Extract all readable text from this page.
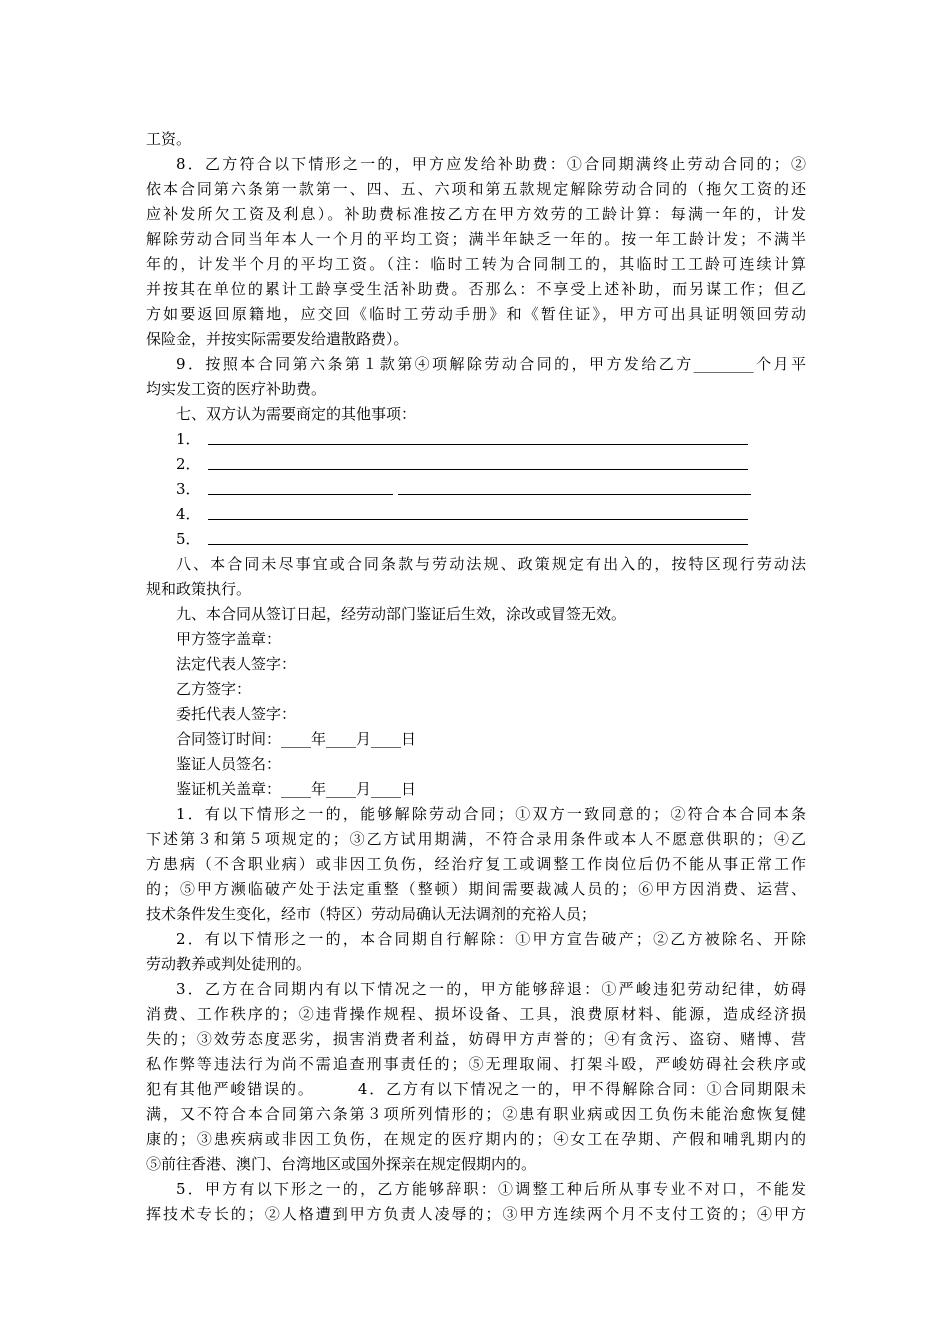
工资。
8．乙方符合以下情形之一的，甲方应发给补助费：①合同期满终止劳动合同的；②
依本合同第六条第一款第一、四、五、六项和第五款规定解除劳动合同的（拖欠工资的还
应补发所欠工资及利息）。补助费标准按乙方在甲方效劳的工龄计算：每满一年的，计发
解除劳动合同当年本人一个月的平均工资；满半年缺乏一年的。按一年工龄计发；不满半
年的，计发半个月的平均工资。（注：临时工转为合同制工的，其临时工工龄可连续计算
并按其在单位的累计工龄享受生活补助费。否那么：不享受上述补助，而另谋工作；但乙
方如要返回原籍地，应交回《临时工劳动手册》和《暂住证》，甲方可出具证明领回劳动
保险金，并按实际需要发给遣散路费）。
9．按照本合同第六条第１款第④项解除劳动合同的，甲方发给乙方________个月平
均实发工资的医疗补助费。
七、双方认为需要商定的其他事项：
1．
2．
3．
4．
5．
八、本合同未尽事宜或合同条款与劳动法规、政策规定有出入的，按特区现行劳动法
规和政策执行。
九、本合同从签订日起，经劳动部门鉴证后生效，涂改或冒签无效。
甲方签字盖章：
法定代表人签字：
乙方签字：
委托代表人签字：
合同签订时间：____年____月____日
鉴证人员签名：
鉴证机关盖章：____年____月____日
1．有以下情形之一的，能够解除劳动合同；①双方一致同意的；②符合本合同本条
下述第３和第５项规定的；③乙方试用期满，不符合录用条件或本人不愿意供职的；④乙
方患病（不含职业病）或非因工负伤，经治疗复工或调整工作岗位后仍不能从事正常工作
的；⑤甲方濒临破产处于法定重整（整顿）期间需要裁减人员的；⑥甲方因消费、运营、
技术条件发生变化，经市（特区）劳动局确认无法调剂的充裕人员；
2．有以下情形之一的，本合同期自行解除：①甲方宣告破产；②乙方被除名、开除
劳动教养或判处徒刑的。
3．乙方在合同期内有以下情况之一的，甲方能够辞退：①严峻违犯劳动纪律，妨碍
消费、工作秩序的；②违背操作规程、损坏设备、工具，浪费原材料、能源，造成经济损
失的；③效劳态度恶劣，损害消费者利益，妨碍甲方声誉的；④有贪污、盗窃、赌博、营
私作弊等违法行为尚不需追查刑事责任的；⑤无理取闹、打架斗殴，严峻妨碍社会秩序或
犯有其他严峻错误的。　　　4．乙方有以下情况之一的，甲不得解除合同：①合同期限未
满，又不符合本合同第六条第３项所列情形的；②患有职业病或因工负伤未能治愈恢复健
康的；③患疾病或非因工负伤，在规定的医疗期内的；④女工在孕期、产假和哺乳期内的
⑤前往香港、澳门、台湾地区或国外探亲在规定假期内的。
5．甲方有以下形之一的，乙方能够辞职：①调整工种后所从事专业不对口，不能发
挥技术专长的；②人格遭到甲方负责人凌辱的；③甲方连续两个月不支付工资的；④甲方
